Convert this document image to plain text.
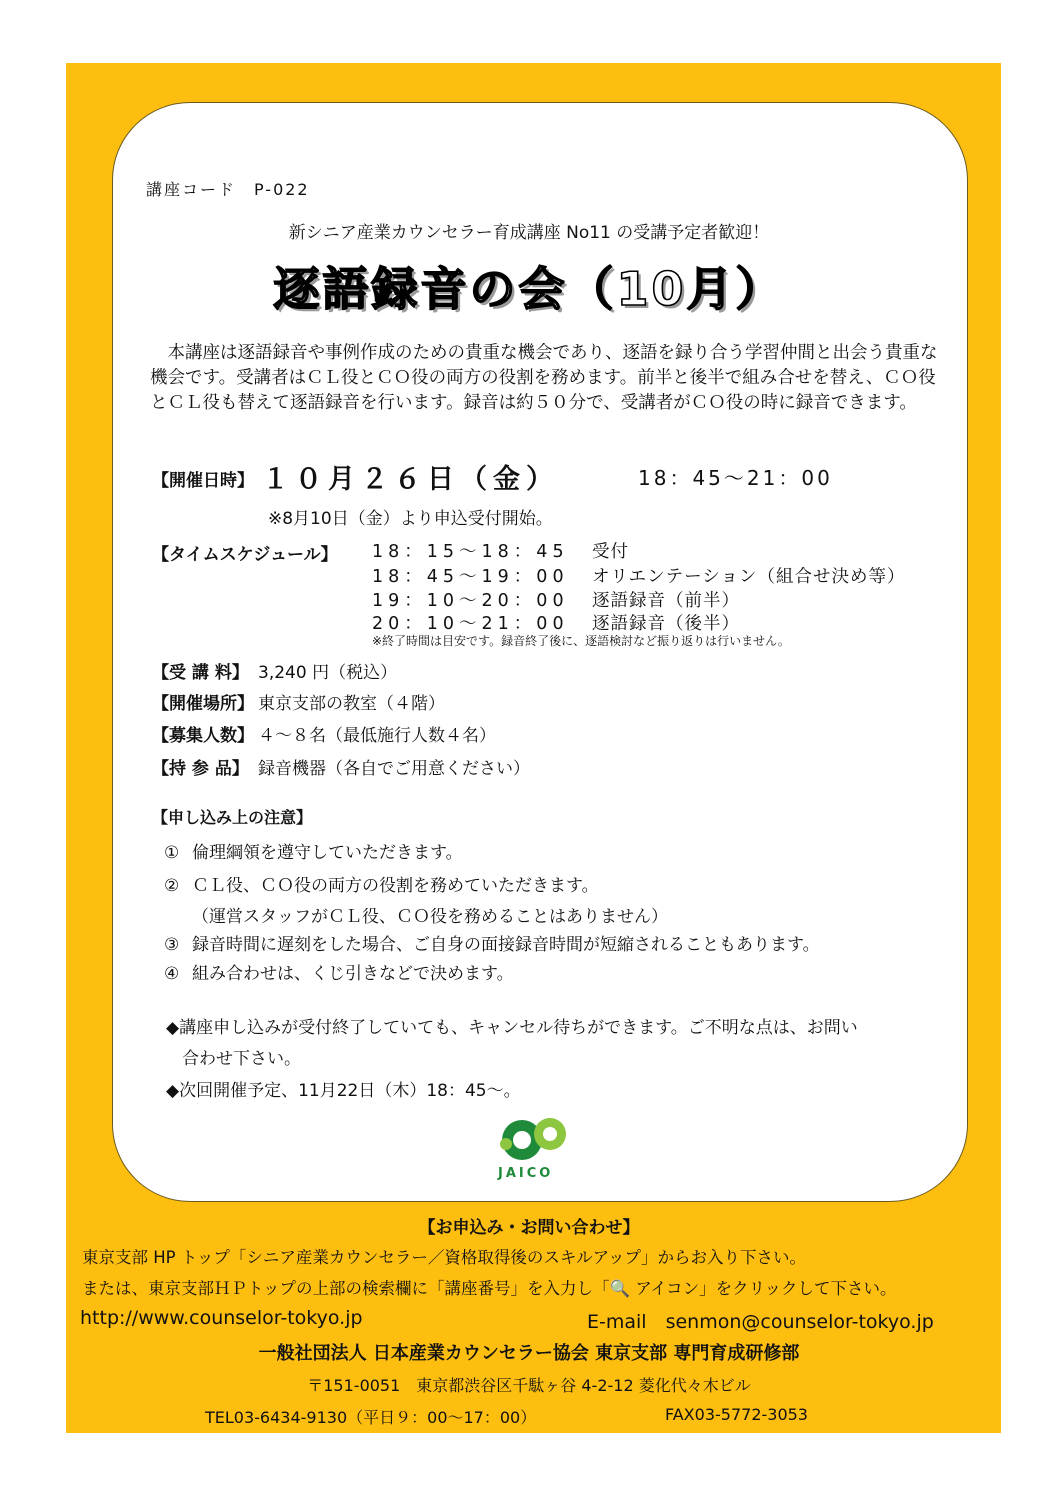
講座コード　P-022
新シニア産業カウンセラー育成講座 No11 の受講予定者歓迎！
逐語録音の会（10月）
　本講座は逐語録音や事例作成のための貴重な機会であり、逐語を録り合う学習仲間と出会う貴重な機会です。受講者はＣＬ役とＣＯ役の両方の役割を務めます。前半と後半で組み合せを替え、ＣＯ役とＣＬ役も替えて逐語録音を行います。録音は約５０分で、受講者がＣＯ役の時に録音できます。
【開催日時】 １０月２６日（金）	18：45～21：00
※8月10日（金）より申込受付開始。
【タイムスケジュール】 18：15～18：45 受付
18：45～19：00 オリエンテーション（組合せ決め等）
19：10～20：00 逐語録音（前半）
20：10～21：00 逐語録音（後半）
※終了時間は目安です。録音終了後に、逐語検討など振り返りは行いません。
【受 講 料】 3,240 円（税込）
【開催場所】 東京支部の教室（４階）
【募集人数】 ４～８名（最低施行人数４名）
【持 参 品】 録音機器（各自でご用意ください）
【申し込み上の注意】
① 倫理綱領を遵守していただきます。
② ＣＬ役、ＣＯ役の両方の役割を務めていただきます。
（運営スタッフがＣＬ役、ＣＯ役を務めることはありません）
③ 録音時間に遅刻をした場合、ご自身の面接録音時間が短縮されることもあります。
④ 組み合わせは、くじ引きなどで決めます。
◆講座申し込みが受付終了していても、キャンセル待ちができます。ご不明な点は、お問い
合わせ下さい。
◆次回開催予定、11月22日（木）18：45～。
JAICO
【お申込み・お問い合わせ】
東京支部 HP トップ「シニア産業カウンセラー／資格取得後のスキルアップ」からお入り下さい。
または、東京支部ＨＰトップの上部の検索欄に「講座番号」を入力し「🔍 アイコン」をクリックして下さい。
http://www.counselor-tokyo.jp	E-mail　senmon@counselor-tokyo.jp
一般社団法人 日本産業カウンセラー協会 東京支部 専門育成研修部
〒151-0051　東京都渋谷区千駄ヶ谷 4-2-12 菱化代々木ビル
TEL03-6434-9130（平日９：00～17：00）	FAX03-5772-3053
